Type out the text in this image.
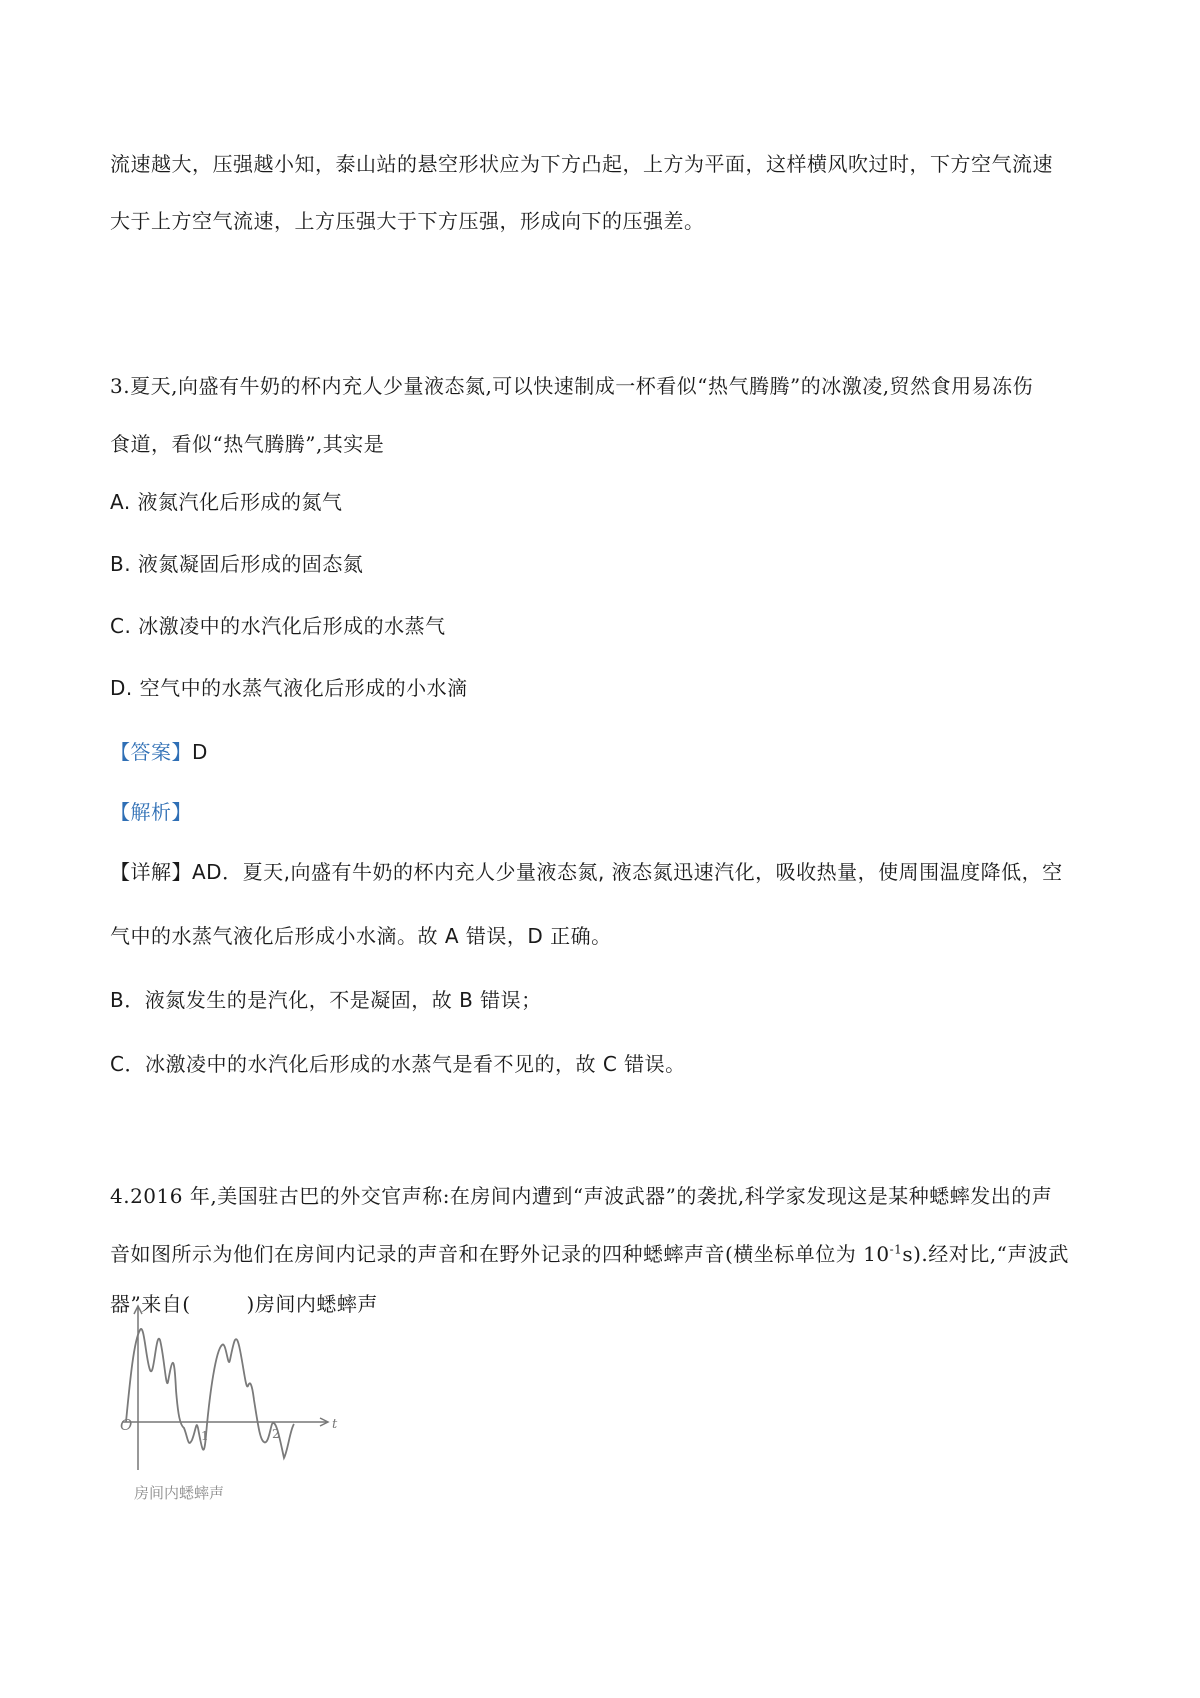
流速越大，压强越小知，泰山站的悬空形状应为下方凸起，上方为平面，这样横风吹过时，下方空气流速
大于上方空气流速，上方压强大于下方压强，形成向下的压强差。
3.夏天,向盛有牛奶的杯内充人少量液态氮,可以快速制成一杯看似“热气腾腾”的冰激凌,贸然食用易冻伤
食道，看似“热气腾腾”,其实是
A. 液氮汽化后形成的氮气
B. 液氮凝固后形成的固态氮
C. 冰激凌中的水汽化后形成的水蒸气
D. 空气中的水蒸气液化后形成的小水滴
【答案】D
【解析】
【详解】AD．夏天,向盛有牛奶的杯内充人少量液态氮, 液态氮迅速汽化，吸收热量，使周围温度降低，空
气中的水蒸气液化后形成小水滴。故 A 错误，D 正确。
B．液氮发生的是汽化，不是凝固，故 B 错误；
C．冰激凌中的水汽化后形成的水蒸气是看不见的，故 C 错误。
4.2016 年,美国驻古巴的外交官声称:在房间内遭到“声波武器”的袭扰,科学家发现这是某种蟋蟀发出的声
音如图所示为他们在房间内记录的声音和在野外记录的四种蟋蟀声音(横坐标单位为 $10^{-1}s$).经对比,“声波武
器”来自(	)房间内蟋蟀声
O
1	2
t
房间内蟋蟀声
